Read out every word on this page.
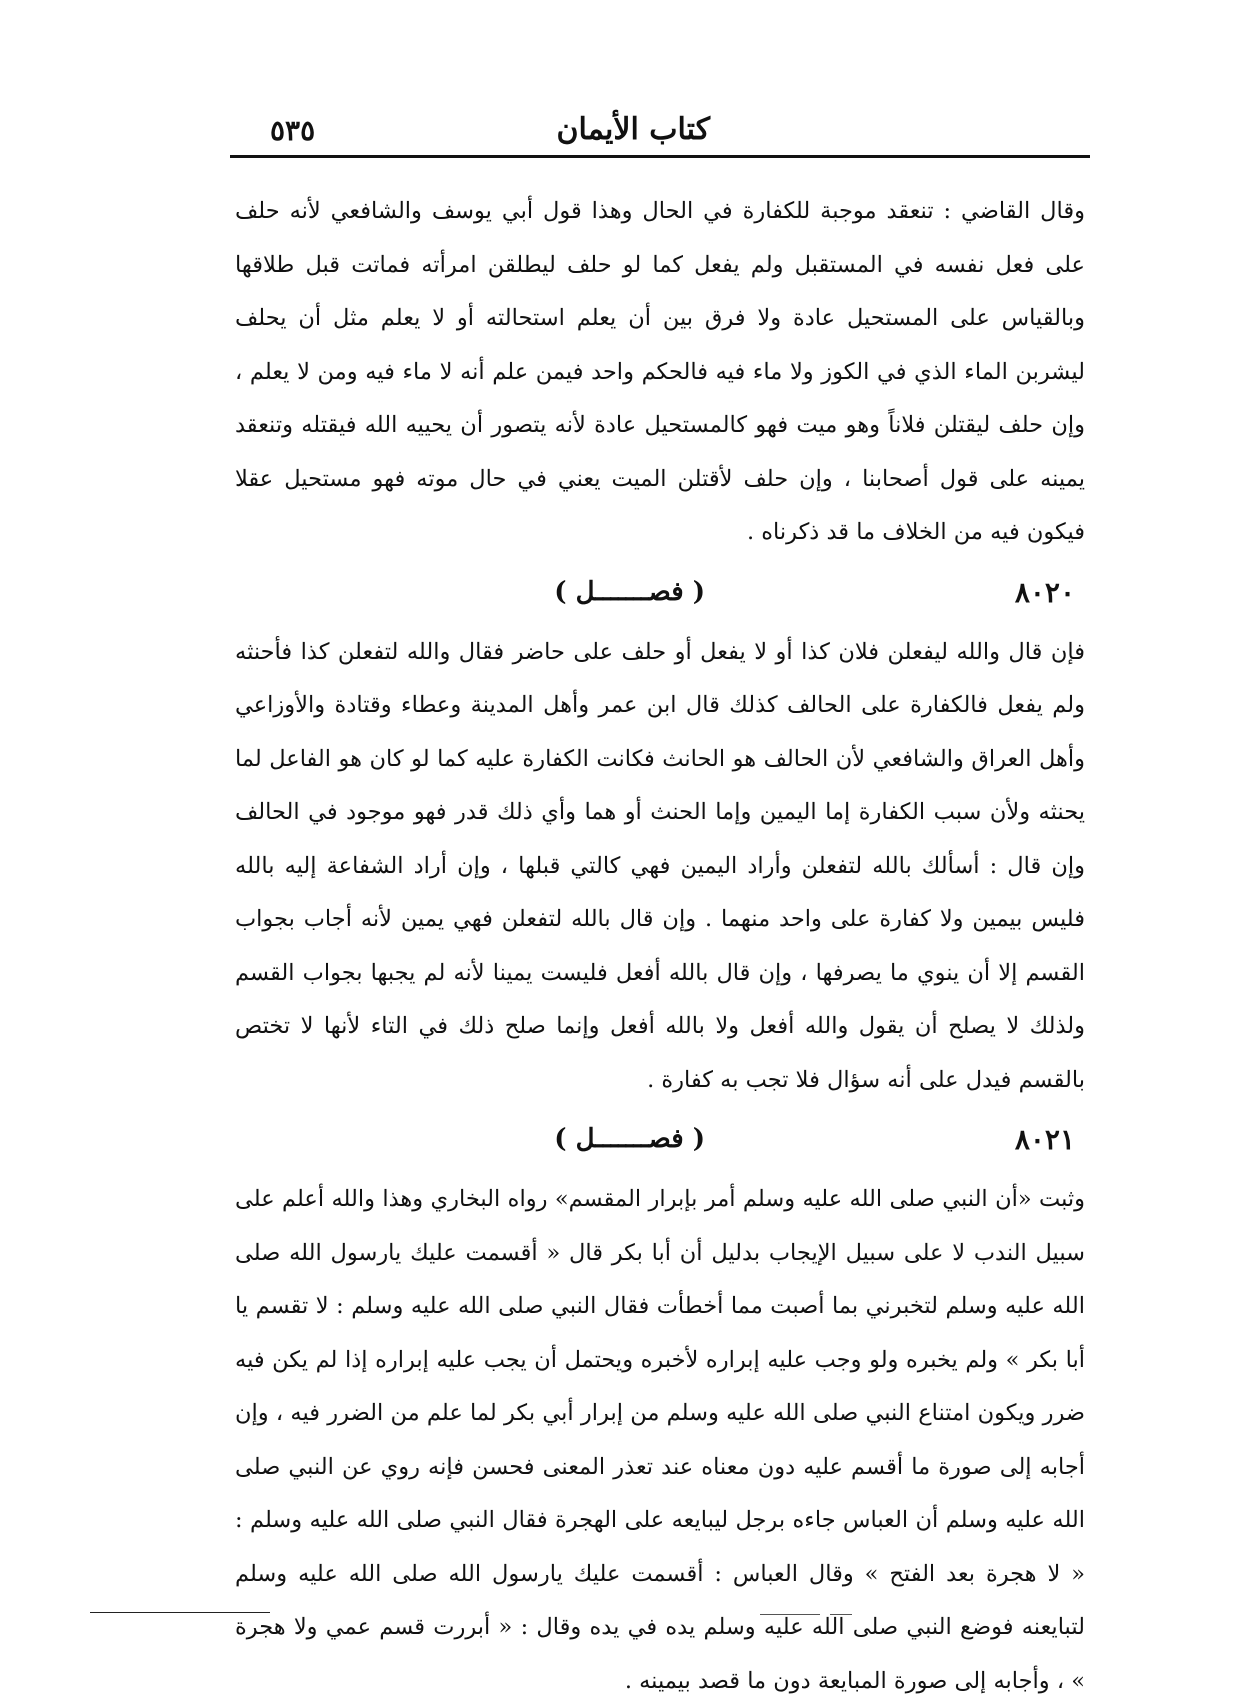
كتاب الأيمان
٥٣٥

وقال القاضي : تنعقد موجبة للكفارة في الحال وهذا قول أبي يوسف والشافعي لأنه حلف على فعل نفسه في المستقبل ولم يفعل كما لو حلف ليطلقن امرأته فماتت قبل طلاقها وبالقياس على المستحيل عادة ولا فرق بين أن يعلم استحالته أو لا يعلم مثل أن يحلف ليشربن الماء الذي في الكوز ولا ماء فيه فالحكم واحد فيمن علم أنه لا ماء فيه ومن لا يعلم ، وإن حلف ليقتلن فلاناً وهو ميت فهو كالمستحيل عادة لأنه يتصور أن يحييه الله فيقتله وتنعقد يمينه على قول أصحابنا ، وإن حلف لأقتلن الميت يعني في حال موته فهو مستحيل عقلا فيكون فيه من الخلاف ما قد ذكرناه .

٨٠٢٠
( فصـــــــل )

فإن قال والله ليفعلن فلان كذا أو لا يفعل أو حلف على حاضر فقال والله لتفعلن كذا فأحنثه ولم يفعل فالكفارة على الحالف كذلك قال ابن عمر وأهل المدينة وعطاء وقتادة والأوزاعي وأهل العراق والشافعي لأن الحالف هو الحانث فكانت الكفارة عليه كما لو كان هو الفاعل لما يحنثه ولأن سبب الكفارة إما اليمين وإما الحنث أو هما وأي ذلك قدر فهو موجود في الحالف وإن قال : أسألك بالله لتفعلن وأراد اليمين فهي كالتي قبلها ، وإن أراد الشفاعة إليه بالله فليس بيمين ولا كفارة على واحد منهما . وإن قال بالله لتفعلن فهي يمين لأنه أجاب بجواب القسم إلا أن ينوي ما يصرفها ، وإن قال بالله أفعل فليست يمينا لأنه لم يجبها بجواب القسم ولذلك لا يصلح أن يقول والله أفعل ولا بالله أفعل وإنما صلح ذلك في التاء لأنها لا تختص بالقسم فيدل على أنه سؤال فلا تجب به كفارة .

٨٠٢١
( فصـــــــل )

وثبت «أن النبي صلى الله عليه وسلم أمر بإبرار المقسم» رواه البخاري وهذا والله أعلم على سبيل الندب لا على سبيل الإيجاب بدليل أن أبا بكر قال « أقسمت عليك يارسول الله صلى الله عليه وسلم لتخبرني بما أصبت مما أخطأت فقال النبي صلى الله عليه وسلم : لا تقسم يا أبا بكر » ولم يخبره ولو وجب عليه إبراره لأخبره ويحتمل أن يجب عليه إبراره إذا لم يكن فيه ضرر ويكون امتناع النبي صلى الله عليه وسلم من إبرار أبي بكر لما علم من الضرر فيه ، وإن أجابه إلى صورة ما أقسم عليه دون معناه عند تعذر المعنى فحسن فإنه روي عن النبي صلى الله عليه وسلم أن العباس جاءه برجل ليبايعه على الهجرة فقال النبي صلى الله عليه وسلم : « لا هجرة بعد الفتح » وقال العباس : أقسمت عليك يارسول الله صلى الله عليه وسلم لتبايعنه فوضع النبي صلى الله عليه وسلم يده في يده وقال : « أبررت قسم عمي ولا هجرة » ، وأجابه إلى صورة المبايعة دون ما قصد بيمينه .
